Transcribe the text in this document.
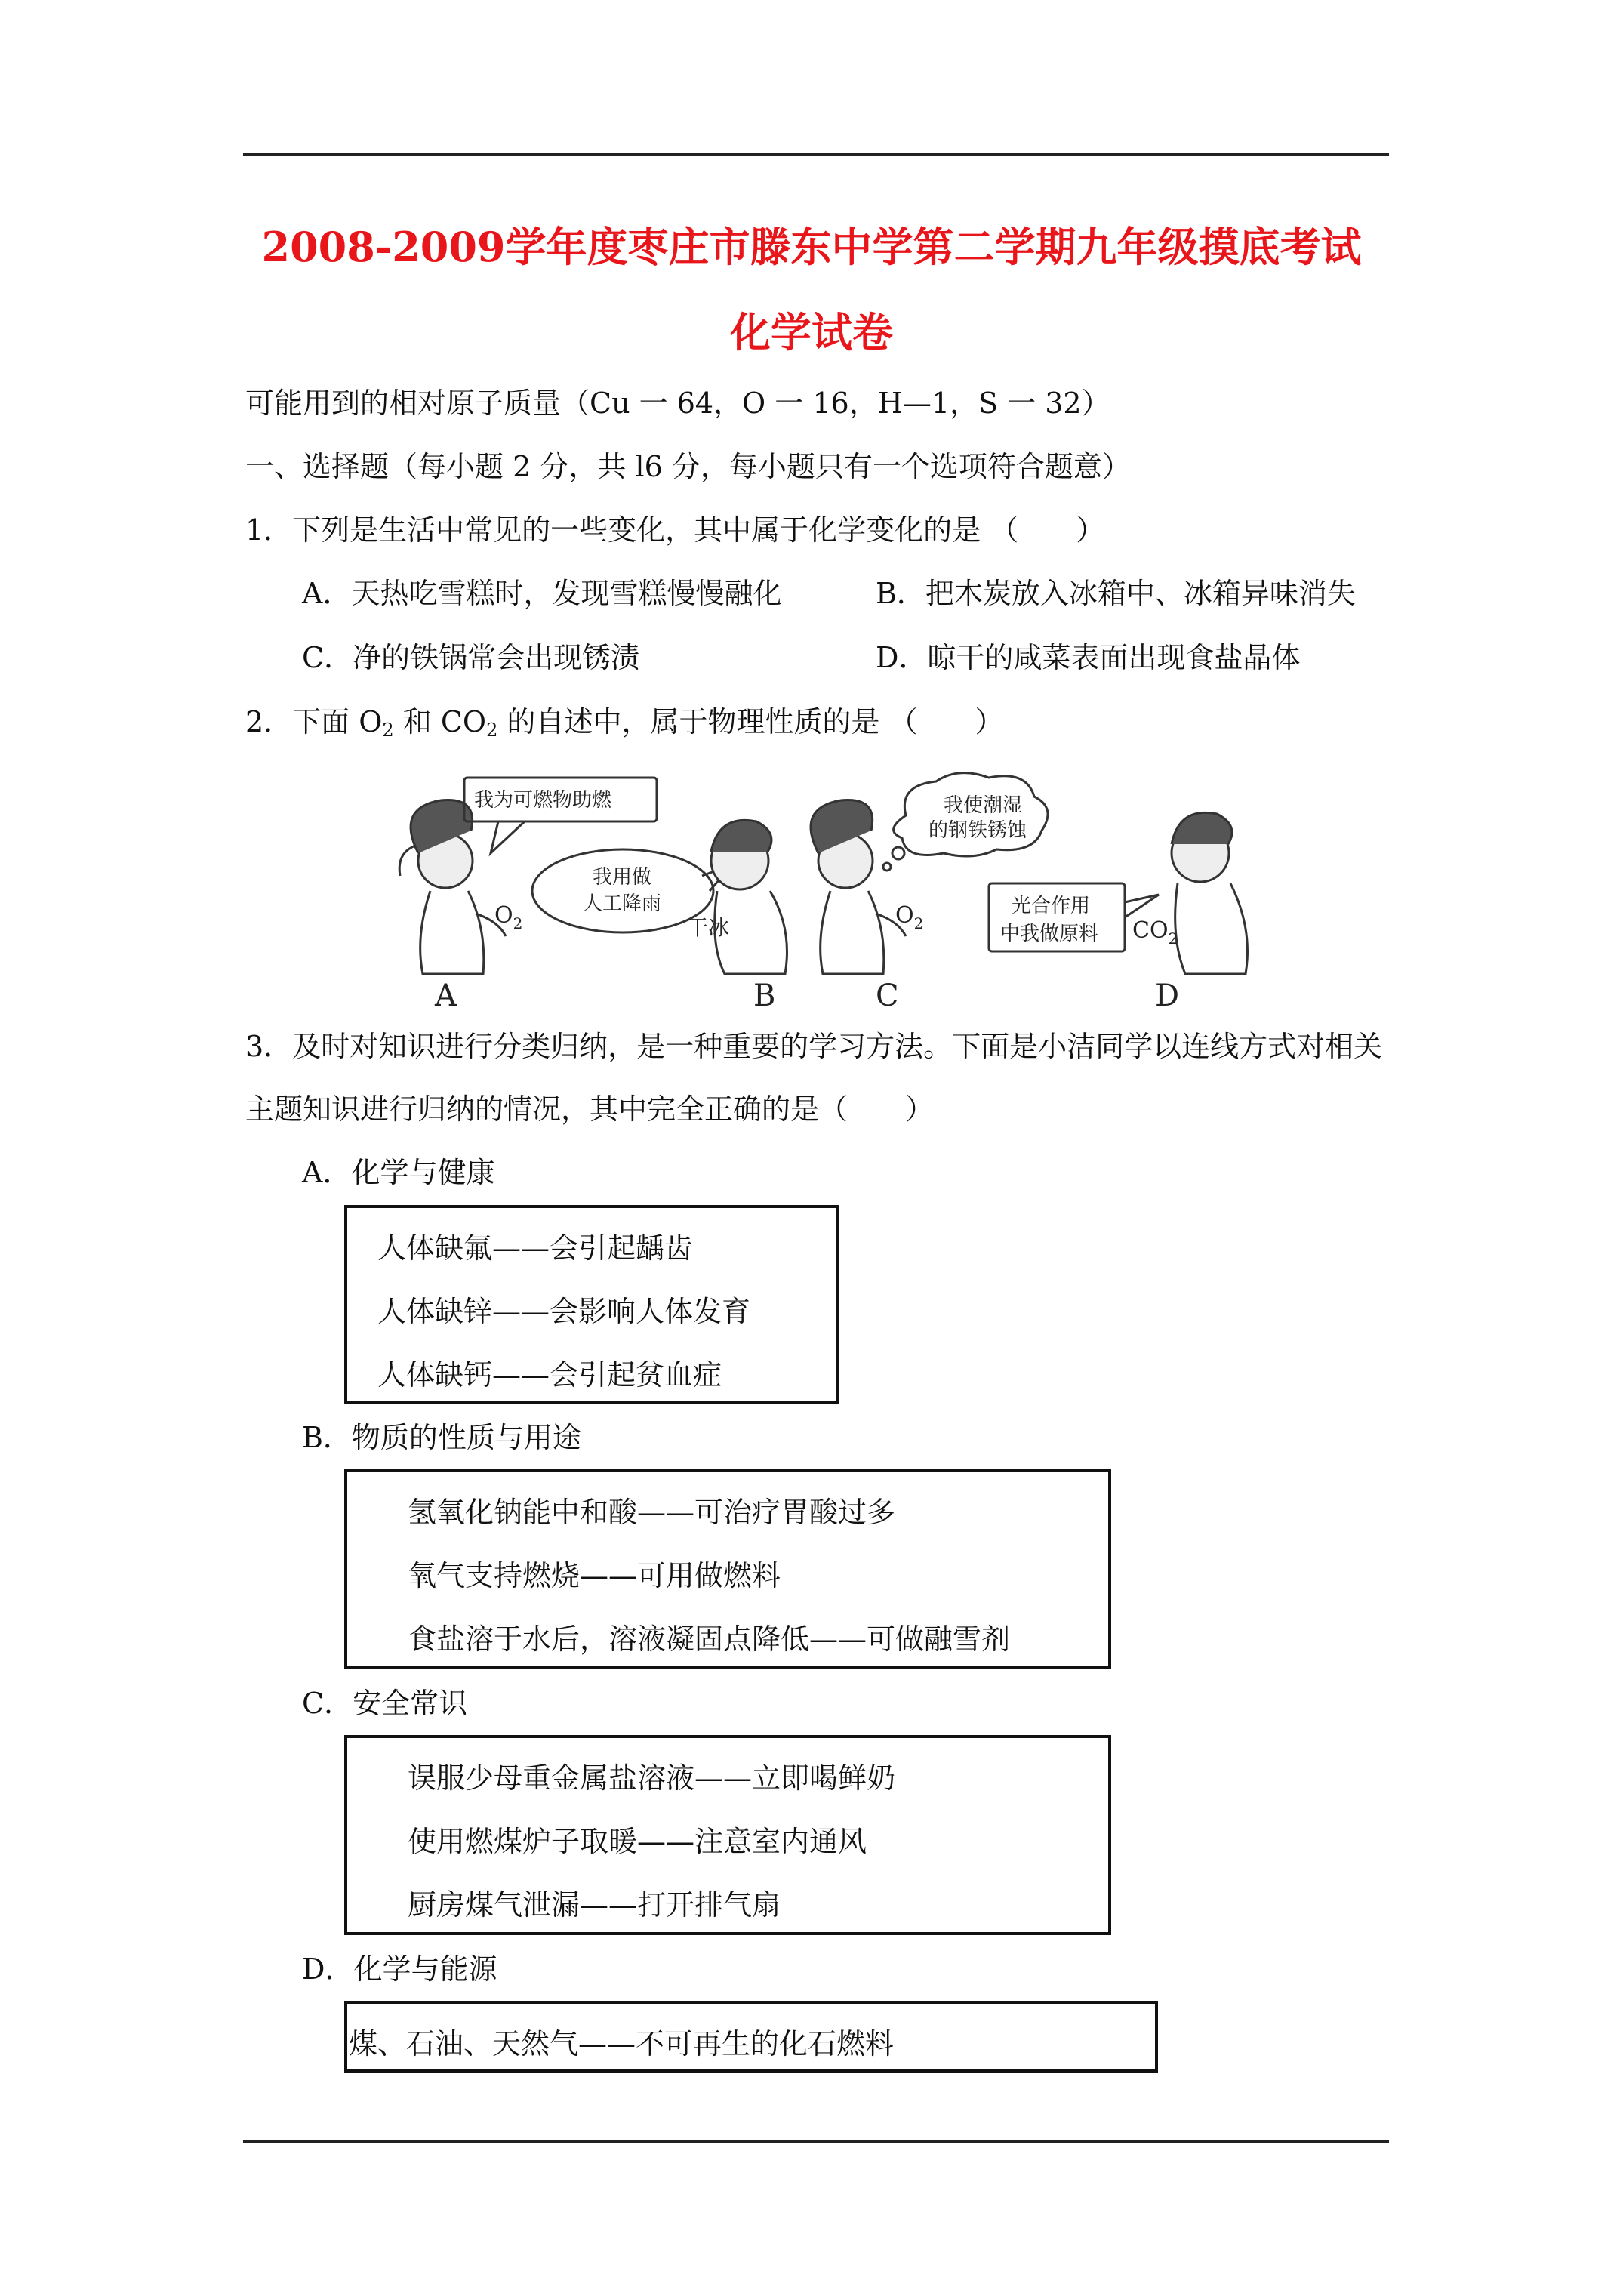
2008-2009学年度枣庄市滕东中学第二学期九年级摸底考试
化学试卷
可能用到的相对原子质量（Cu 一 64，O 一 16，H—1，S 一 32）
一、选择题（每小题 2 分，共 l6 分，每小题只有一个选项符合题意）
1．下列是生活中常见的一些变化，其中属于化学变化的是 （　　）
A．天热吃雪糕时，发现雪糕慢慢融化	B．把木炭放入冰箱中、冰箱异味消失
C．净的铁锅常会出现锈渍	D．晾干的咸菜表面出现食盐晶体
2．下面 $O_2$ 和 $CO_2$ 的自述中，属于物理性质的是 （　　）
我为可燃物助燃
我用做
人工降雨
我使潮湿
的钢铁锈蚀
光合作用
中我做原料
$O_2$	干冰	$O_2$	$CO_2$
A	B	C	D
3．及时对知识进行分类归纳，是一种重要的学习方法。下面是小洁同学以连线方式对相关
主题知识进行归纳的情况，其中完全正确的是（　　）
A．化学与健康
人体缺氟——会引起龋齿
人体缺锌——会影响人体发育
人体缺钙——会引起贫血症
B．物质的性质与用途
氢氧化钠能中和酸——可治疗胃酸过多
氧气支持燃烧——可用做燃料
食盐溶于水后，溶液凝固点降低——可做融雪剂
C．安全常识
误服少母重金属盐溶液——立即喝鲜奶
使用燃煤炉子取暖——注意室内通风
厨房煤气泄漏——打开排气扇
D．化学与能源
煤、石油、天然气——不可再生的化石燃料
